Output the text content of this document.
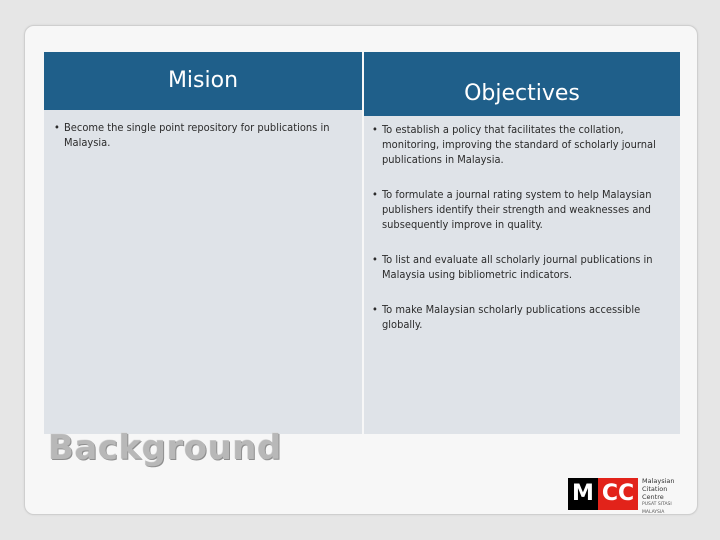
Mision
• Become the single point repository for publications in Malaysia.
Objectives
• To establish a policy that facilitates the collation, monitoring, improving the standard of scholarly journal publications in Malaysia.
• To formulate a journal rating system to help Malaysian publishers identify their strength and weaknesses and subsequently improve in quality.
• To list and evaluate all scholarly journal publications in Malaysia using bibliometric indicators.
• To make Malaysian scholarly publications accessible globally.
Background
M CC	Malaysian
Citation
Centre
PUSAT SITASI MALAYSIA
